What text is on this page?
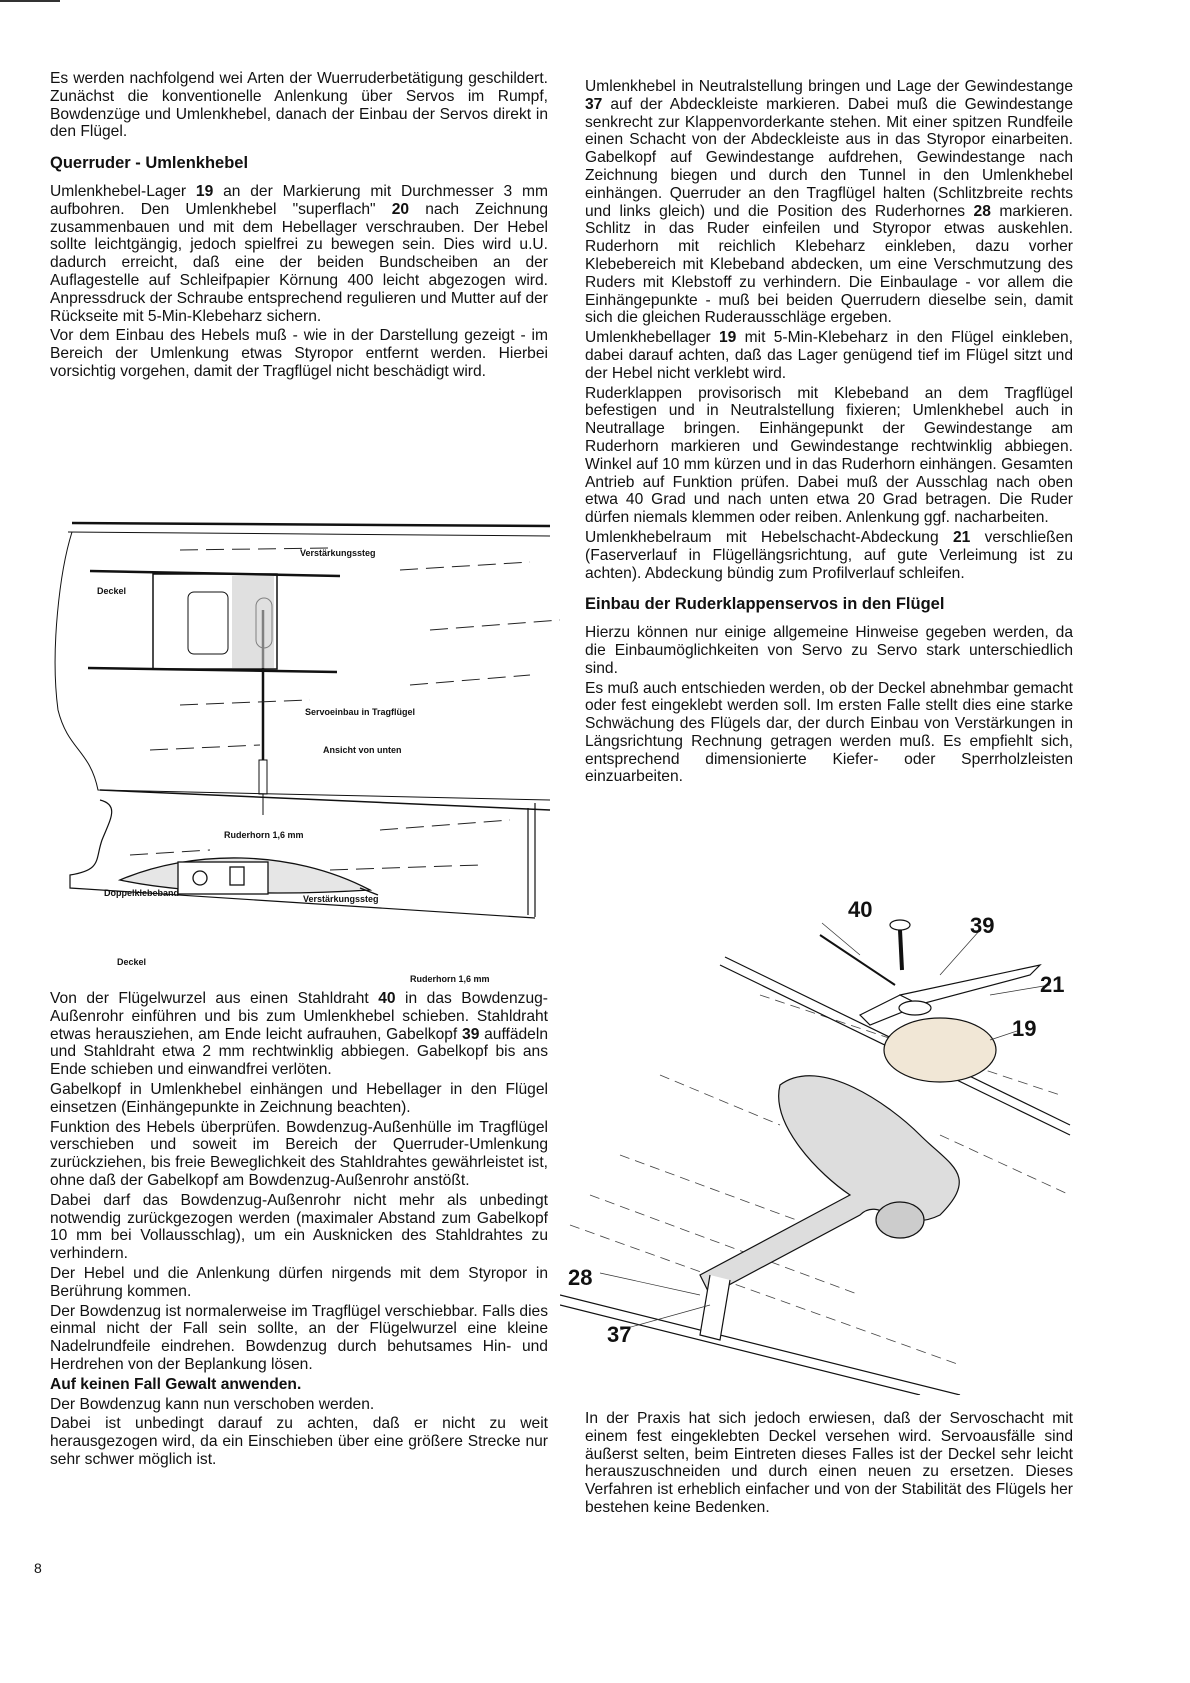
Es werden nachfolgend wei Arten der Wuerruderbetätigung geschildert. Zunächst die konventionelle Anlenkung über Servos im Rumpf, Bowdenzüge und Umlenkhebel, danach der Einbau der Servos direkt in den Flügel.

Querruder - Umlenkhebel

Umlenkhebel-Lager 19 an der Markierung mit Durchmesser 3 mm aufbohren. Den Umlenkhebel "superflach" 20 nach Zeichnung zusammenbauen und mit dem Hebellager verschrauben. Der Hebel sollte leichtgängig, jedoch spielfrei zu bewegen sein. Dies wird u.U. dadurch erreicht, daß eine der beiden Bundscheiben an der Auflagestelle auf Schleifpapier Körnung 400 leicht abgezogen wird. Anpressdruck der Schraube entsprechend regulieren und Mutter auf der Rückseite mit 5-Min-Klebeharz sichern.

Vor dem Einbau des Hebels muß - wie in der Darstellung gezeigt - im Bereich der Umlenkung etwas Styropor entfernt werden. Hierbei vorsichtig vorgehen, damit der Tragflügel nicht beschädigt wird.

Verstärkungssteg
Deckel
Servoeinbau in Tragflügel
Ansicht von unten
Ruderhorn 1,6 mm
Doppelklebeband
Verstärkungssteg
Deckel
Ruderhorn 1,6 mm

Von der Flügelwurzel aus einen Stahldraht 40 in das Bowdenzug-Außenrohr einführen und bis zum Umlenkhebel schieben. Stahldraht etwas herausziehen, am Ende leicht aufrauhen, Gabelkopf 39 auffädeln und Stahldraht etwa 2 mm rechtwinklig abbiegen. Gabelkopf bis ans Ende schieben und einwandfrei verlöten.

Gabelkopf in Umlenkhebel einhängen und Hebellager in den Flügel einsetzen (Einhängepunkte in Zeichnung beachten).

Funktion des Hebels überprüfen. Bowdenzug-Außenhülle im Tragflügel verschieben und soweit im Bereich der Querruder-Umlenkung zurückziehen, bis freie Beweglichkeit des Stahldrahtes gewährleistet ist, ohne daß der Gabelkopf am Bowdenzug-Außenrohr anstößt.

Dabei darf das Bowdenzug-Außenrohr nicht mehr als unbedingt notwendig zurückgezogen werden (maximaler Abstand zum Gabelkopf 10 mm bei Vollausschlag), um ein Ausknicken des Stahldrahtes zu verhindern.

Der Hebel und die Anlenkung dürfen nirgends mit dem Styropor in Berührung kommen.

Der Bowdenzug ist normalerweise im Tragflügel verschiebbar. Falls dies einmal nicht der Fall sein sollte, an der Flügelwurzel eine kleine Nadelrundfeile eindrehen. Bowdenzug durch behutsames Hin- und Herdrehen von der Beplankung lösen.

Auf keinen Fall Gewalt anwenden.

Der Bowdenzug kann nun verschoben werden.

Dabei ist unbedingt darauf zu achten, daß er nicht zu weit herausgezogen wird, da ein Einschieben über eine größere Strecke nur sehr schwer möglich ist.

Umlenkhebel in Neutralstellung bringen und Lage der Gewindestange 37 auf der Abdeckleiste markieren. Dabei muß die Gewindestange senkrecht zur Klappenvorderkante stehen. Mit einer spitzen Rundfeile einen Schacht von der Abdeckleiste aus in das Styropor einarbeiten. Gabelkopf auf Gewindestange aufdrehen, Gewindestange nach Zeichnung biegen und durch den Tunnel in den Umlenkhebel einhängen. Querruder an den Tragflügel halten (Schlitzbreite rechts und links gleich) und die Position des Ruderhornes 28 markieren. Schlitz in das Ruder einfeilen und Styropor etwas auskehlen. Ruderhorn mit reichlich Klebeharz einkleben, dazu vorher Klebebereich mit Klebeband abdecken, um eine Verschmutzung des Ruders mit Klebstoff zu verhindern. Die Einbaulage - vor allem die Einhängepunkte - muß bei beiden Querrudern dieselbe sein, damit sich die gleichen Ruderausschläge ergeben.

Umlenkhebellager 19 mit 5-Min-Klebeharz in den Flügel einkleben, dabei darauf achten, daß das Lager genügend tief im Flügel sitzt und der Hebel nicht verklebt wird.

Ruderklappen provisorisch mit Klebeband an dem Tragflügel befestigen und in Neutralstellung fixieren; Umlenkhebel auch in Neutrallage bringen. Einhängepunkt der Gewindestange am Ruderhorn markieren und Gewindestange rechtwinklig abbiegen. Winkel auf 10 mm kürzen und in das Ruderhorn einhängen. Gesamten Antrieb auf Funktion prüfen. Dabei muß der Ausschlag nach oben etwa 40 Grad und nach unten etwa 20 Grad betragen. Die Ruder dürfen niemals klemmen oder reiben. Anlenkung ggf. nacharbeiten.

Umlenkhebelraum mit Hebelschacht-Abdeckung 21 verschließen (Faserverlauf in Flügellängsrichtung, auf gute Verleimung ist zu achten). Abdeckung bündig zum Profilverlauf schleifen.

Einbau der Ruderklappenservos in den Flügel

Hierzu können nur einige allgemeine Hinweise gegeben werden, da die Einbaumöglichkeiten von Servo zu Servo stark unterschiedlich sind.

Es muß auch entschieden werden, ob der Deckel abnehmbar gemacht oder fest eingeklebt werden soll. Im ersten Falle stellt dies eine starke Schwächung des Flügels dar, der durch Einbau von Verstärkungen in Längsrichtung Rechnung getragen werden muß. Es empfiehlt sich, entsprechend dimensionierte Kiefer- oder Sperrholzleisten einzuarbeiten.

40
39
21
19
28
37

In der Praxis hat sich jedoch erwiesen, daß der Servoschacht mit einem fest eingeklebten Deckel versehen wird. Servoausfälle sind äußerst selten, beim Eintreten dieses Falles ist der Deckel sehr leicht herauszuschneiden und durch einen neuen zu ersetzen. Dieses Verfahren ist erheblich einfacher und von der Stabilität des Flügels her bestehen keine Bedenken.

8
